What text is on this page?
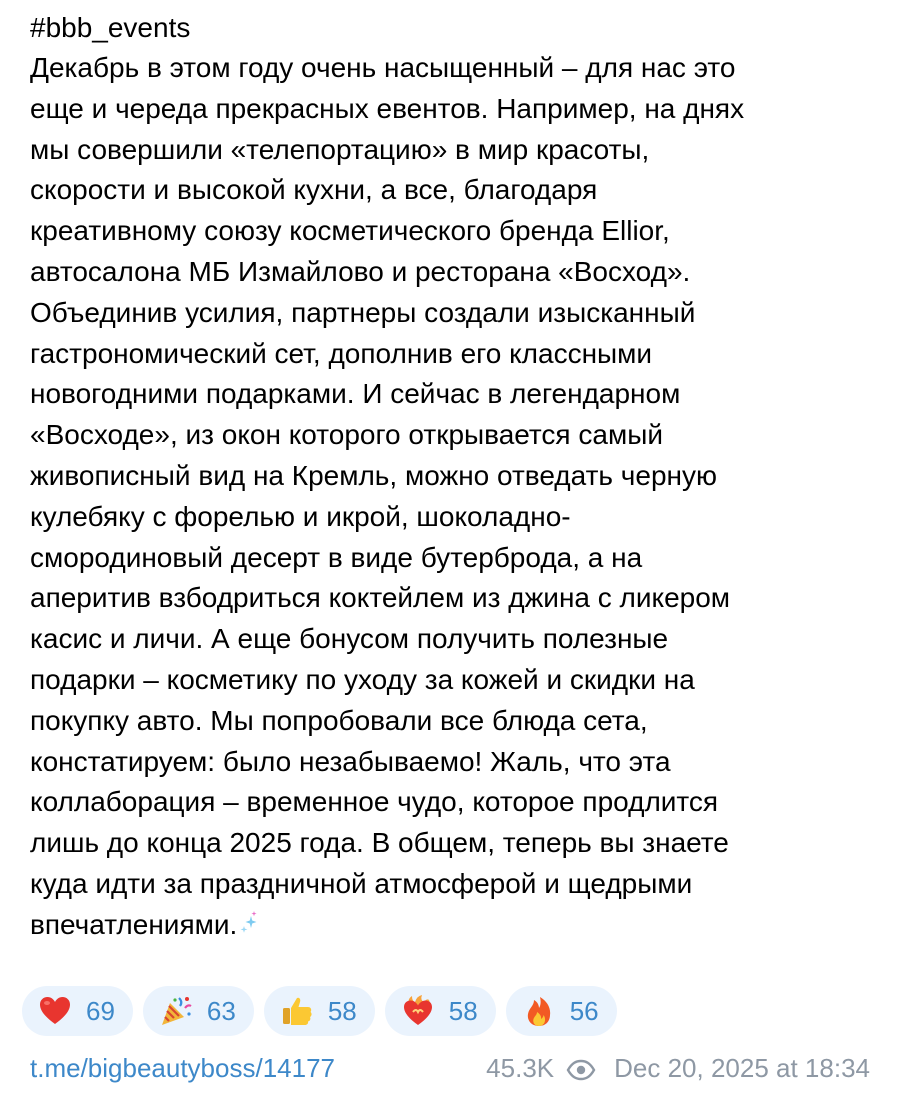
#bbb_events
Декабрь в этом году очень насыщенный – для нас это
еще и череда прекрасных евентов. Например, на днях
мы совершили «телепортацию» в мир красоты,
скорости и высокой кухни, а все, благодаря
креативному союзу косметического бренда Ellior,
автосалона МБ Измайлово и ресторана «Восход».
Объединив усилия, партнеры создали изысканный
гастрономический сет, дополнив его классными
новогодними подарками. И сейчас в легендарном
«Восходе», из окон которого открывается самый
живописный вид на Кремль, можно отведать черную
кулебяку с форелью и икрой, шоколадно-
смородиновый десерт в виде бутерброда, а на
аперитив взбодриться коктейлем из джина с ликером
касис и личи. А еще бонусом получить полезные
подарки – косметику по уходу за кожей и скидки на
покупку авто. Мы попробовали все блюда сета,
констатируем: было незабываемо! Жаль, что эта
коллаборация – временное чудо, которое продлится
лишь до конца 2025 года. В общем, теперь вы знаете
куда идти за праздничной атмосферой и щедрыми
впечатлениями.
69	63	58	58	56
t.me/bigbeautyboss/14177	45.3K Dec 20, 2025 at 18:34
